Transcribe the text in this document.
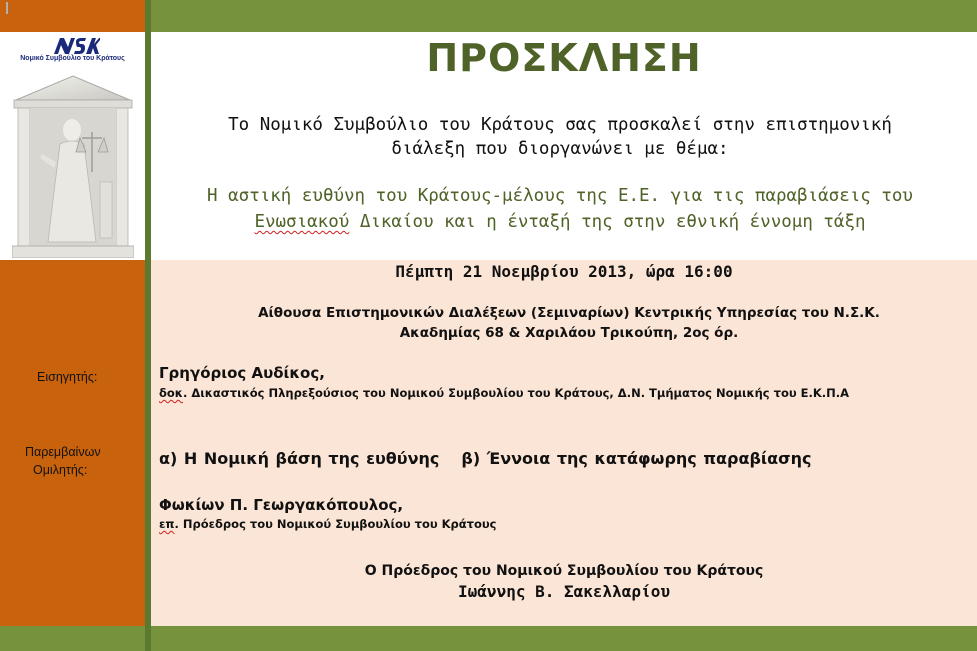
Νομικό Συμβούλιο του Κράτους	ΠΡΟΣΚΛΗΣΗ
Το Νομικό Συμβούλιο του Κράτους σας προσκαλεί στην επιστημονική
διάλεξη που διοργανώνει με θέμα:
Η αστική ευθύνη του Κράτους-μέλους της Ε.Ε. για τις παραβιάσεις του
Ενωσιακού Δικαίου και η ένταξή της στην εθνική έννομη τάξη
Πέμπτη 21 Νοεμβρίου 2013, ώρα 16:00
Αίθουσα Επιστημονικών Διαλέξεων (Σεμιναρίων) Κεντρικής Υπηρεσίας του Ν.Σ.Κ.
Ακαδημίας 68 & Χαριλάου Τρικούπη, 2ος όρ.
Εισηγητής:
Παρεμβαίνων
Ομιλητής:
Γρηγόριος Αυδίκος,
δοκ. Δικαστικός Πληρεξούσιος του Νομικού Συμβουλίου του Κράτους, Δ.Ν. Τμήματος Νομικής του Ε.Κ.Π.Α
α) Η Νομική βάση της ευθύνης β) Έννοια της κατάφωρης παραβίασης
Φωκίων Π. Γεωργακόπουλος,
επ. Πρόεδρος του Νομικού Συμβουλίου του Κράτους
Ο Πρόεδρος του Νομικού Συμβουλίου του Κράτους
Ιωάννης Β. Σακελλαρίου
